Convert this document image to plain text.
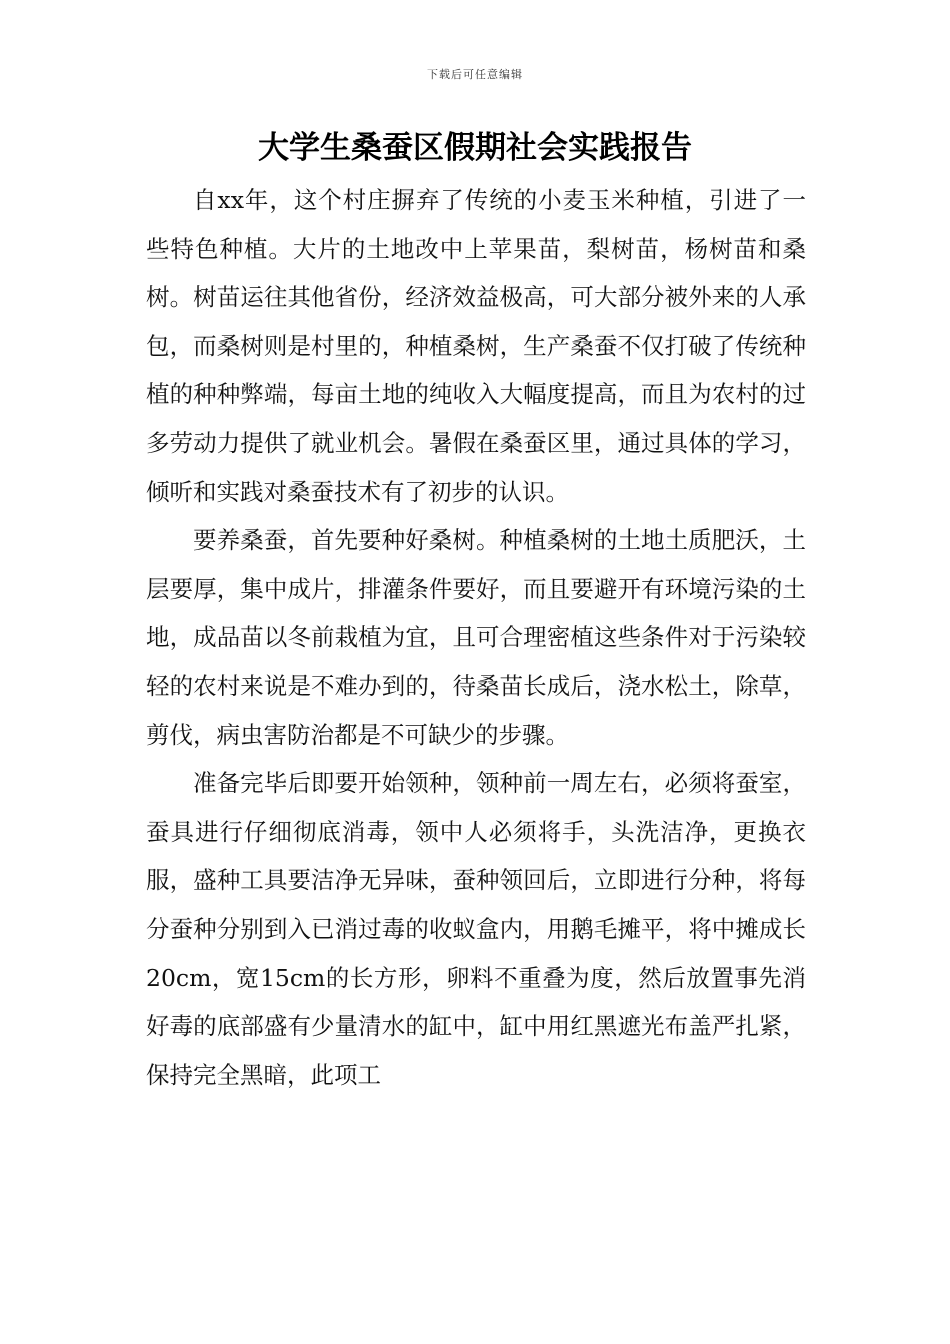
下载后可任意编辑
大学生桑蚕区假期社会实践报告

自xx年，这个村庄摒弃了传统的小麦玉米种植，引进了一些特色种植。大片的土地改中上苹果苗，梨树苗，杨树苗和桑树。树苗运往其他省份，经济效益极高，可大部分被外来的人承包，而桑树则是村里的，种植桑树，生产桑蚕不仅打破了传统种植的种种弊端，每亩土地的纯收入大幅度提高，而且为农村的过多劳动力提供了就业机会。暑假在桑蚕区里，通过具体的学习，倾听和实践对桑蚕技术有了初步的认识。

要养桑蚕，首先要种好桑树。种植桑树的土地土质肥沃，土层要厚，集中成片，排灌条件要好，而且要避开有环境污染的土地，成品苗以冬前栽植为宜，且可合理密植这些条件对于污染较轻的农村来说是不难办到的，待桑苗长成后，浇水松土，除草，剪伐，病虫害防治都是不可缺少的步骤。

准备完毕后即要开始领种，领种前一周左右，必须将蚕室，蚕具进行仔细彻底消毒，领中人必须将手，头洗洁净，更换衣服，盛种工具要洁净无异味，蚕种领回后，立即进行分种，将每分蚕种分别到入已消过毒的收蚁盒内，用鹅毛摊平，将中摊成长20cm，宽15cm的长方形，卵料不重叠为度，然后放置事先消好毒的底部盛有少量清水的缸中，缸中用红黑遮光布盖严扎紧，保持完全黑暗，此项工
